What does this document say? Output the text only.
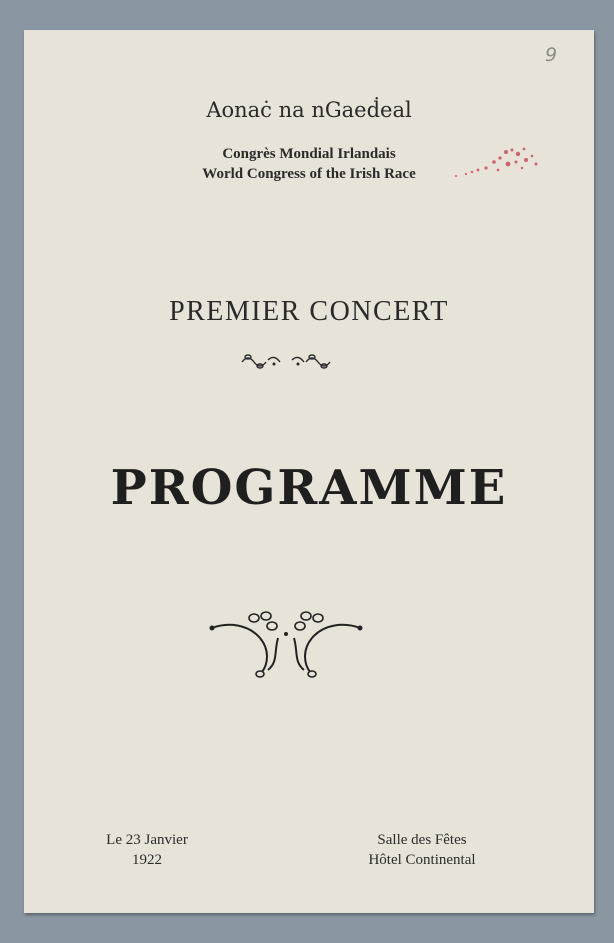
9
Aonaċ na nGaeḋeal
Congrès Mondial Irlandais
World Congress of the Irish Race
PREMIER CONCERT
PROGRAMME
Le 23 Janvier
1922
Salle des Fêtes
Hôtel Continental
